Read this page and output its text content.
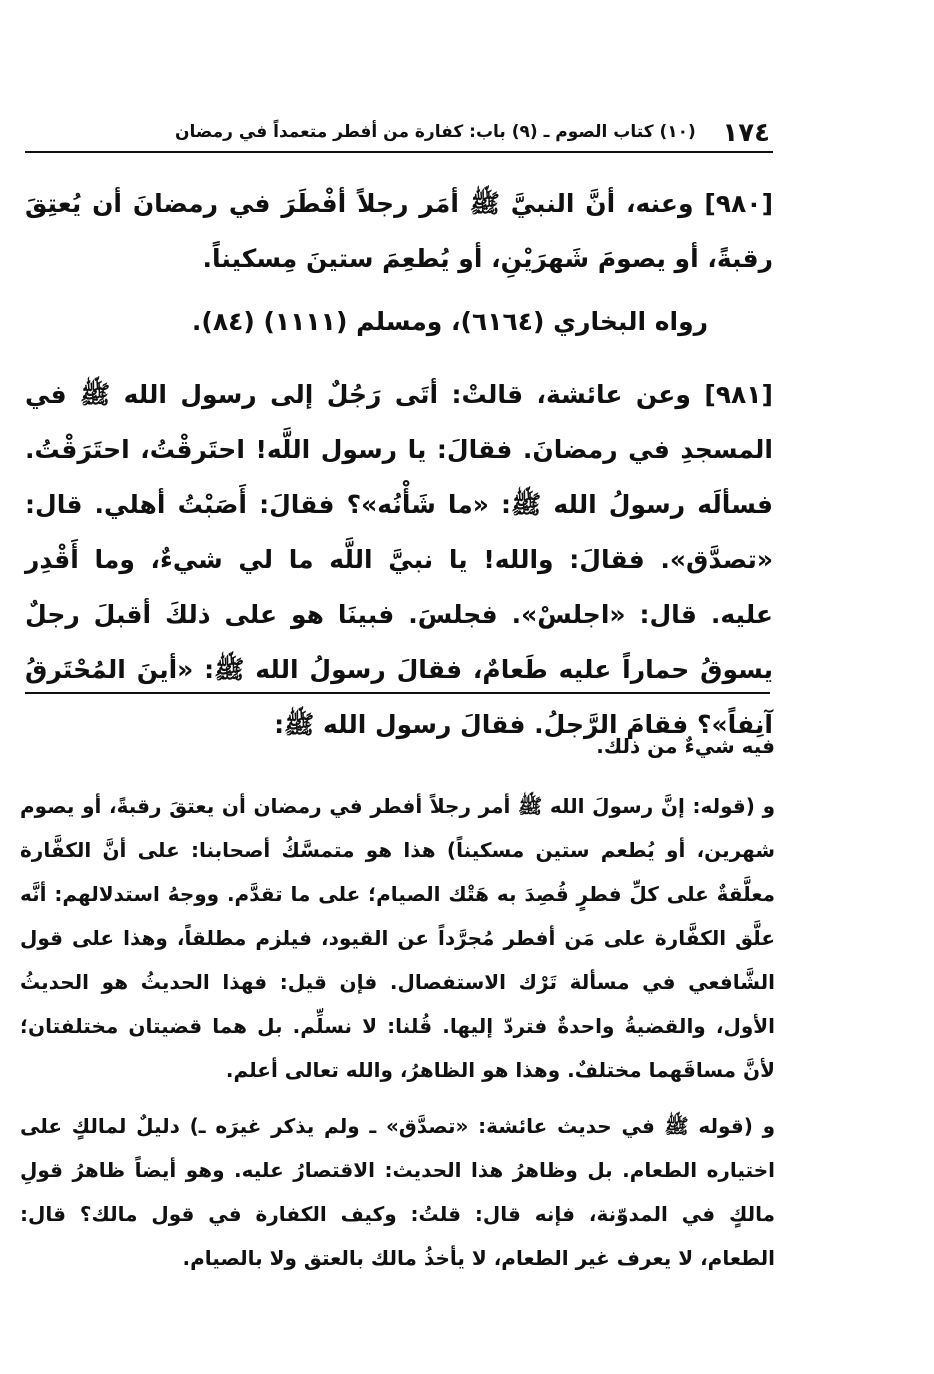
١٧٤
(١٠) كتاب الصوم ـ (٩) باب: كفارة من أفطر متعمداً في رمضان

[٩٨٠] وعنه، أنَّ النبيَّ ﷺ أمَر رجلاً أفْطَرَ في رمضانَ أن يُعتِقَ رقبةً، أو يصومَ شَهرَيْنِ، أو يُطعِمَ ستينَ مِسكيناً.

رواه البخاري (٦١٦٤)، ومسلم (١١١١) (٨٤).

[٩٨١] وعن عائشة، قالتْ: أتَى رَجُلٌ إلى رسول الله ﷺ في المسجدِ في رمضانَ. فقالَ: يا رسول اللَّه! احتَرقْتُ، احتَرَقْتُ. فسألَه رسولُ الله ﷺ: «ما شَأْنُه»؟ فقالَ: أَصَبْتُ أهلي. قال: «تصدَّق». فقالَ: والله! يا نبيَّ اللَّه ما لي شيءٌ، وما أَقْدِر عليه. قال: «اجلسْ». فجلسَ. فبينَا هو على ذلكَ أقبلَ رجلٌ يسوقُ حماراً عليه طَعامٌ، فقالَ رسولُ الله ﷺ: «أينَ المُحْتَرقُ آنِفاً»؟ فقامَ الرَّجلُ. فقالَ رسول الله ﷺ:

فيه شيءٌ من ذلك.

و (قوله: إنَّ رسولَ الله ﷺ أمر رجلاً أفطر في رمضان أن يعتقَ رقبةً، أو يصوم شهرين، أو يُطعم ستين مسكيناً) هذا هو متمسَّكُ أصحابنا: على أنَّ الكفَّارة معلَّقةٌ على كلِّ فطرٍ قُصِدَ به هَتْك الصيام؛ على ما تقدَّم. ووجهُ استدلالهم: أنَّه علَّق الكفَّارة على مَن أفطر مُجرَّداً عن القيود، فيلزم مطلقاً، وهذا على قول الشَّافعي في مسألة تَرْك الاستفصال. فإن قيل: فهذا الحديثُ هو الحديثُ الأول، والقضيةُ واحدةٌ فتردّ إليها. قُلنا: لا نسلِّم. بل هما قضيتان مختلفتان؛ لأنَّ مساقَهما مختلفٌ. وهذا هو الظاهرُ، والله تعالى أعلم.

و (قوله ﷺ في حديث عائشة: «تصدَّق» ـ ولم يذكر غيرَه ـ) دليلٌ لمالكٍ على اختياره الطعام. بل وظاهرُ هذا الحديث: الاقتصارُ عليه. وهو أيضاً ظاهرُ قولِ مالكٍ في المدوّنة، فإنه قال: قلتُ: وكيف الكفارة في قول مالك؟ قال: الطعام، لا يعرف غير الطعام، لا يأخذُ مالك بالعتق ولا بالصيام.
